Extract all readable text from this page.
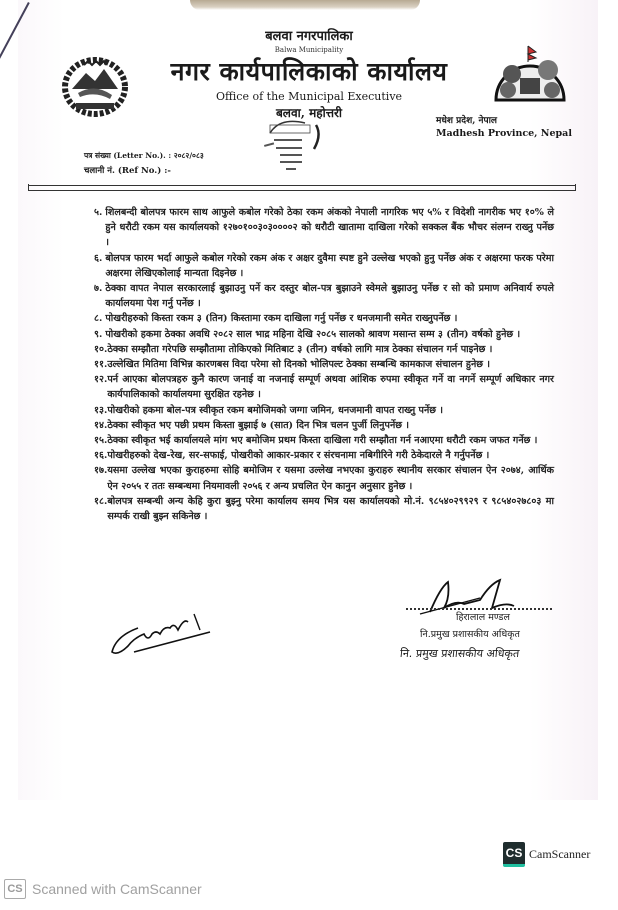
बलवा नगरपालिका
Balwa Municipality
नगर कार्यपालिकाको कार्यालय
Office of the Municipal Executive
बलवा, महोत्तरी
मधेश प्रदेश, नेपाल
Madhesh Province, Nepal
पत्र संख्या (Letter No.). : २०८२/०८३
चलानी नं. (Ref No.) :-
५. शिलबन्दी बोलपत्र फारम साथ आफुले कबोल गरेको ठेका रकम अंकको नेपाली नागरिक भए ५% र विदेशी नागरीक भए १०% ले हुने धरौटी रकम यस कार्यालयको १२७०१००३०३००००२ को धरौटी खातामा दाखिला गरेको सक्कल बैंक भौचर संलग्न राख्नु पर्नेछ ।
६. बोलपत्र फारम भर्दा आफुले कबोल गरेको रकम अंक र अक्षर दुवैमा स्पष्ट हुने उल्लेख भएको हुनु पर्नेछ अंक र अक्षरमा फरक परेमा अक्षरमा लेखिएकोलाई मान्यता दिइनेछ ।
७. ठेक्का वापत नेपाल सरकारलाई बुझाउनु पर्ने कर दस्तुर बोल-पत्र बुझाउने स्वेमले बुझाउनु पर्नेछ र सो को प्रमाण अनिवार्य रुपले कार्यालयमा पेश गर्नु पर्नेछ ।
८. पोखरीहरुको किस्ता रकम ३ (तिन) किस्तामा रकम दाखिला गर्नु पर्नेछ र धनजमानी समेत राख्नुपर्नेछ ।
९. पोखरीको हकमा ठेक्का अवधि २०८२ साल भाद्र महिना देखि २०८५ सालको श्रावण मसान्त सम्म ३ (तीन) वर्षको हुनेछ ।
१०. ठेक्का सम्झौता गरेपछि सम्झौतामा तोकिएको मितिबाट ३ (तीन) वर्षको लागि मात्र ठेक्का संचालन गर्न पाइनेछ ।
११. उल्लेखित मितिमा विभिन्न कारणबस विदा परेमा सो दिनको भोलिपल्ट ठेक्का सम्बन्धि कामकाज संचालन हुनेछ ।
१२. पर्न आएका बोलपत्रहरु कुनै कारण जनाई वा नजनाई सम्पूर्ण अथवा आंशिक रुपमा स्वीकृत गर्ने वा नगर्ने सम्पूर्ण अधिकार नगर कार्यपालिकाको कार्यालयमा सुरक्षित रहनेछ ।
१३. पोखरीको हकमा बोल-पत्र स्वीकृत रकम बमोजिमको जग्गा जमिन, धनजमानी वापत राख्नु पर्नेछ ।
१४. ठेक्का स्वीकृत भए पछी प्रथम किस्ता बुझाई ७ (सात) दिन भित्र चलन पुर्जी लिनुपर्नेछ ।
१५. ठेक्का स्वीकृत भई कार्यालयले मांग भए बमोजिम प्रथम किस्ता दाखिला गरी सम्झौता गर्न नआएमा धरौटी रकम जफत गर्नेछ ।
१६. पोखरीहरुको देख-रेख, सर-सफाई, पोखरीको आकार-प्रकार र संरचनामा नबिगीरिने गरी ठेकेदारले नै गर्नुपर्नेछ ।
१७. यसमा उल्लेख भएका कुराहरुमा सोहि बमोजिम र यसमा उल्लेख नभएका कुराहरु स्थानीय सरकार संचालन ऐन २०७४, आर्थिक ऐन २०५५ र ततः सम्बन्धमा नियमावली २०५६ र अन्य प्रचलित ऐन कानुन अनुसार हुनेछ ।
१८. बोलपत्र सम्बन्धी अन्य केहि कुरा बुझ्नु परेमा कार्यालय समय भित्र यस कार्यालयको मो.नं. ९८५४०२९९२९ र ९८५४०२७८०३ मा सम्पर्क राखी बुझ्न सकिनेछ ।
हिरालाल मण्डल
नि.प्रमुख प्रशासकीय अधिकृत
नि. प्रमुख प्रशासकीय अधिकृत
CS CamScanner
CS Scanned with CamScanner
